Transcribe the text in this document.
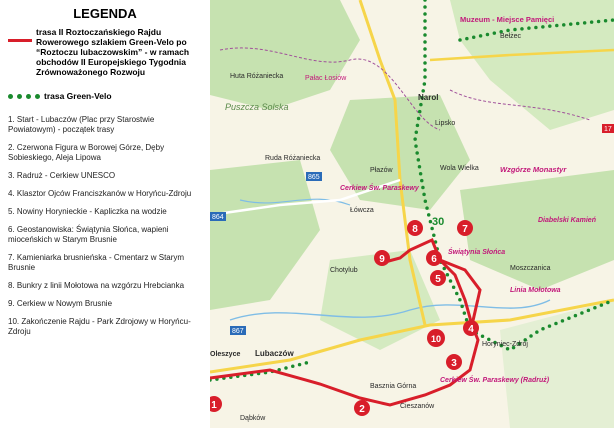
LEGENDA
trasa II Roztoczańskiego Rajdu Rowerowego szlakiem Green-Velo po “Roztoczu lubaczowskim” - w ramach obchodów II Europejskiego Tygodnia Zrównoważonego Rozwoju
trasa Green-Velo
1. Start - Lubaczów (Plac przy Starostwie Powiatowym) - początek trasy
2. Czerwona Figura w Borowej Górze, Dęby Sobieskiego, Aleja Lipowa
3. Radruż - Cerkiew UNESCO
4. Klasztor Ojców Franciszkanów w Horyńcu-Zdroju
5. Nowiny Horynieckie - Kapliczka na wodzie
6. Geostanowiska: Świątynia Słońca, wapieni mioceńskich w Starym Brusnie
7. Kamieniarka brusnieńska - Cmentarz w Starym Brusnie
8. Bunkry z linii Mołotowa na wzgórzu Hrebcianka
9. Cerkiew w Nowym Brusnie
10. Zakończenie Rajdu - Park Zdrojowy w Horyńcu-Zdroju
Narol
Pałac Łosiów
Łówcza
Lubaczów
Oleszyce
Horyniec-Zdrój
Bełżec
Lipsko
Płazów
Chotylub
Dąbków
Cieszanów
Basznia Górna
Wola Wielka
Moszczanica
Muzeum - Miejsce Pamięci
Cerkiew Św. Paraskewy
Wzgórze Monastyr
Diabelski Kamień
Świątynia Słońca
Linia Mołotowa
Cerkiew Św. Paraskewy (Radruż)
Huta Różaniecka
Ruda Różaniecka
Puszcza Solska
865
864
867
17
30
1	2
3
4
5
6
7
8
9
10
